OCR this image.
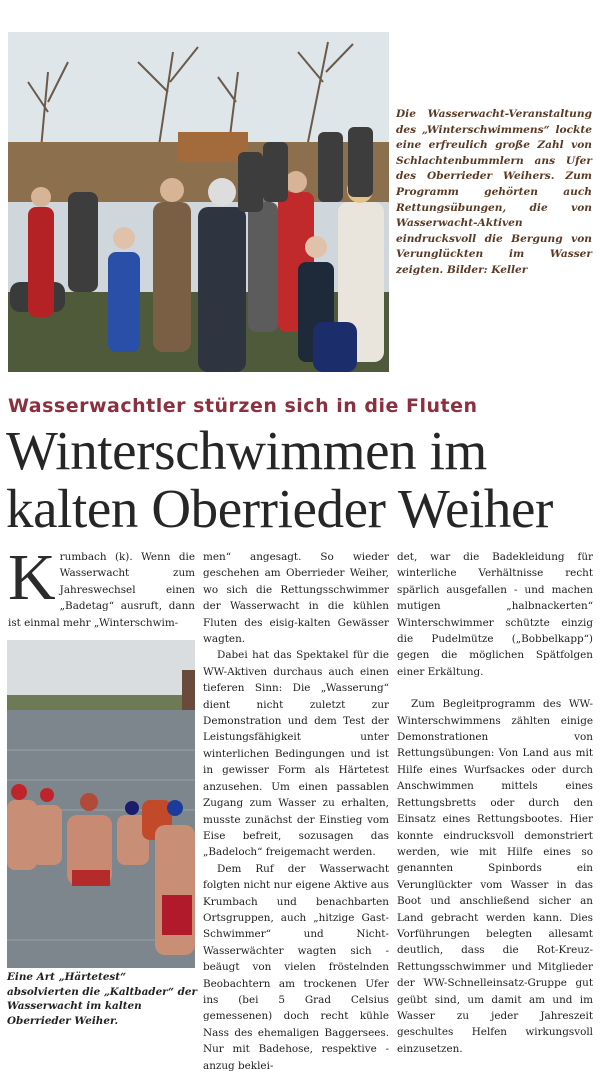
Die Wasserwacht-Veranstaltung des „Winterschwimmens“ lockte eine erfreulich große Zahl von Schlachtenbummlern ans Ufer des Oberrieder Weihers. Zum Programm gehörten auch Rettungsübungen, die von Wasserwacht-Aktiven eindrucksvoll die Bergung von Verunglückten im Wasser zeigten. Bilder: Keller

Wasserwachtler stürzen sich in die Fluten
Winterschwimmen im
kalten Oberrieder Weiher

Krumbach (k). Wenn die Wasserwacht zum Jahreswechsel einen „Badetag“ ausruft, dann ist einmal mehr „Winterschwim-

Eine Art „Härtetest“ absolvierten die „Kaltbader“ der Wasserwacht im kalten Oberrieder Weiher.

men“ angesagt. So wieder geschehen am Oberrieder Weiher, wo sich die Rettungsschwimmer der Wasserwacht in die kühlen Fluten des eisig-kalten Gewässer wagten.

Dabei hat das Spektakel für die WW-Aktiven durchaus auch einen tieferen Sinn: Die „Wasserung“ dient nicht zuletzt zur Demonstration und dem Test der Leistungsfähigkeit unter winterlichen Bedingungen und ist in gewisser Form als Härtetest anzusehen. Um einen passablen Zugang zum Wasser zu erhalten, musste zunächst der Einstieg vom Eise befreit, sozusagen das „Badeloch“ freigemacht werden.

Dem Ruf der Wasserwacht folgten nicht nur eigene Aktive aus Krumbach und benachbarten Ortsgruppen, auch „hitzige Gast-Schwimmer“ und Nicht-Wasserwächter wagten sich - beäugt von vielen fröstelnden Beobachtern am trockenen Ufer ins (bei 5 Grad Celsius gemessenen) doch recht kühle Nass des ehemaligen Baggersees. Nur mit Badehose, respektive -anzug beklei-

det, war die Badekleidung für winterliche Verhältnisse recht spärlich ausgefallen - und machen mutigen „halbnackerten“ Winterschwimmer schützte einzig die Pudelmütze („Bobbelkapp“) gegen die möglichen Spätfolgen einer Erkältung.

Zum Begleitprogramm des WW-Winterschwimmens zählten einige Demonstrationen von Rettungsübungen: Von Land aus mit Hilfe eines Wurfsackes oder durch Anschwimmen mittels eines Rettungsbretts oder durch den Einsatz eines Rettungsbootes. Hier konnte eindrucksvoll demonstriert werden, wie mit Hilfe eines so genannten Spinbords ein Verunglückter vom Wasser in das Boot und anschließend sicher an Land gebracht werden kann. Dies Vorführungen belegten allesamt deutlich, dass die Rot-Kreuz-Rettungsschwimmer und Mitglieder der WW-Schnelleinsatz-Gruppe gut geübt sind, um damit am und im Wasser zu jeder Jahreszeit geschultes Helfen wirkungsvoll einzusetzen.
